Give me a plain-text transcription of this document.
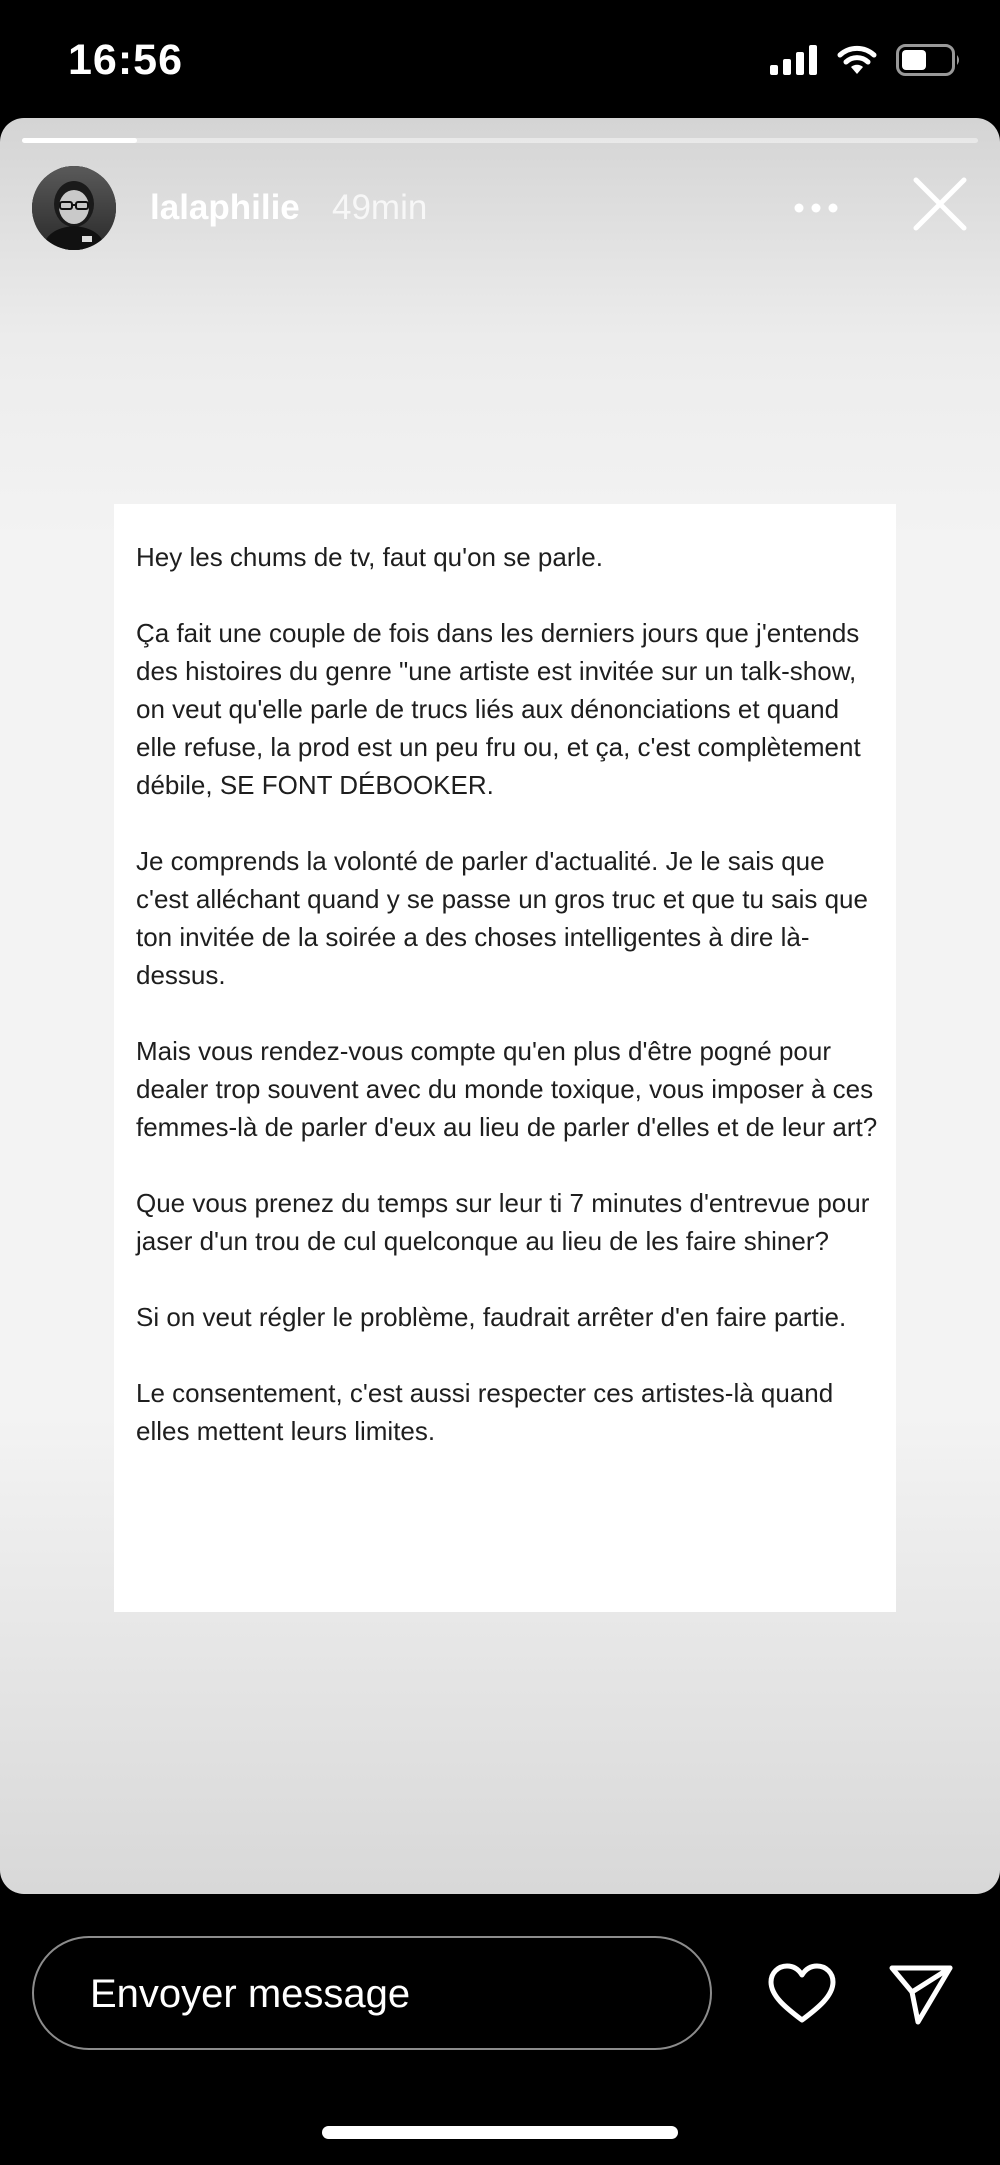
16:56
lalaphilie 49min

Hey les chums de tv, faut qu'on se parle.

Ça fait une couple de fois dans les derniers jours que j'entends des histoires du genre "une artiste est invitée sur un talk-show, on veut qu'elle parle de trucs liés aux dénonciations et quand elle refuse, la prod est un peu fru ou, et ça, c'est complètement débile, SE FONT DÉBOOKER.

Je comprends la volonté de parler d'actualité. Je le sais que c'est alléchant quand y se passe un gros truc et que tu sais que ton invitée de la soirée a des choses intelligentes à dire là-dessus.

Mais vous rendez-vous compte qu'en plus d'être pogné pour dealer trop souvent avec du monde toxique, vous imposer à ces femmes-là de parler d'eux au lieu de parler d'elles et de leur art?

Que vous prenez du temps sur leur ti 7 minutes d'entrevue pour jaser d'un trou de cul quelconque au lieu de les faire shiner?

Si on veut régler le problème, faudrait arrêter d'en faire partie.

Le consentement, c'est aussi respecter ces artistes-là quand elles mettent leurs limites.

Envoyer message
